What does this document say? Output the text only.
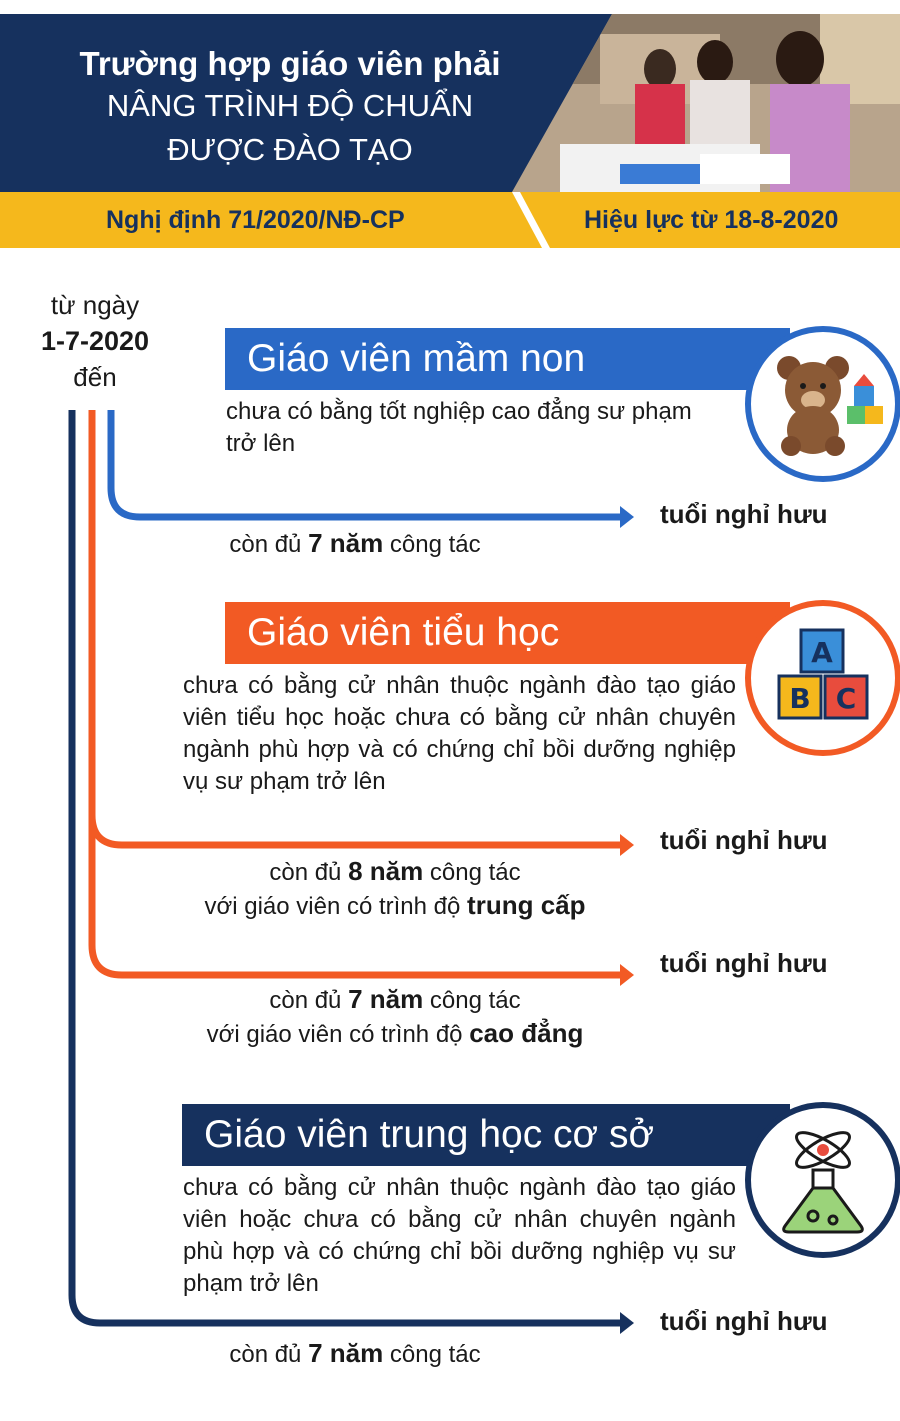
Trường hợp giáo viên phải
NÂNG TRÌNH ĐỘ CHUẨN
ĐƯỢC ĐÀO TẠO
Nghị định 71/2020/NĐ-CP	Hiệu lực từ 18-8-2020
từ ngày
1-7-2020
đến	Giáo viên mầm non
chưa có bằng tốt nghiệp cao đẳng sư phạm trở lên
tuổi nghỉ hưu
còn đủ 7 năm công tác
Giáo viên tiểu học	A
B C
chưa có bằng cử nhân thuộc ngành đào tạo giáo viên tiểu học hoặc chưa có bằng cử nhân chuyên ngành phù hợp và có chứng chỉ bồi dưỡng nghiệp vụ sư phạm trở lên
tuổi nghỉ hưu
còn đủ 8 năm công tác
với giáo viên có trình độ trung cấp
tuổi nghỉ hưu
còn đủ 7 năm công tác
với giáo viên có trình độ cao đẳng
Giáo viên trung học cơ sở
chưa có bằng cử nhân thuộc ngành đào tạo giáo viên hoặc chưa có bằng cử nhân chuyên ngành phù hợp và có chứng chỉ bồi dưỡng nghiệp vụ sư phạm trở lên
tuổi nghỉ hưu
còn đủ 7 năm công tác
